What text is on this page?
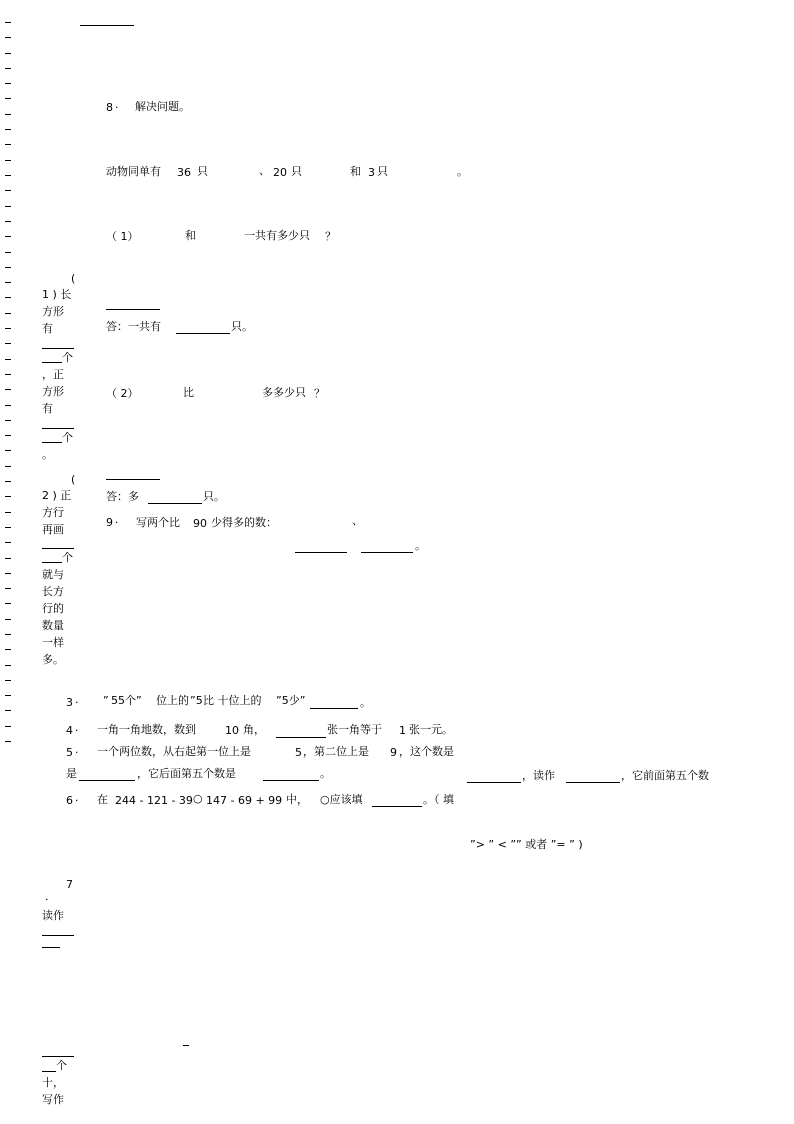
8 · 解决问题。
动物同单有 36 只	、 20 只	和 3 只	。
（ 1）	和	一共有多少只 ？
答：一共有	只。
（ 2）	比	多多少只 ？
答：多	只。
9 · 写两个比 90 少得多的数：	、
。
(
1 ) 长
方形
有
个
，正
方形
有
个
。
(
2 ) 正
方行
再画
个
就与
长方
行的
数量
一样
多。
3 · ” 55个” 位上的 ”5 比 十位上的 ”5少”	。
4 · 一角一角地数，数到	10 角，	张一角等于 1 张一元。
5 · 一个两位数，从右起第一位上是	5 ，第二位上是 9 ，这个数是
是	，它后面第五个数是	。	，读作	，它前面第五个数
6 · 在 244 - 121 - 39 ○ 147 - 69 + 99 中， ○应该填	。（ 填
”> ” < ”” 或者 ”= ” )
7
·
读作
个
十，
写作
